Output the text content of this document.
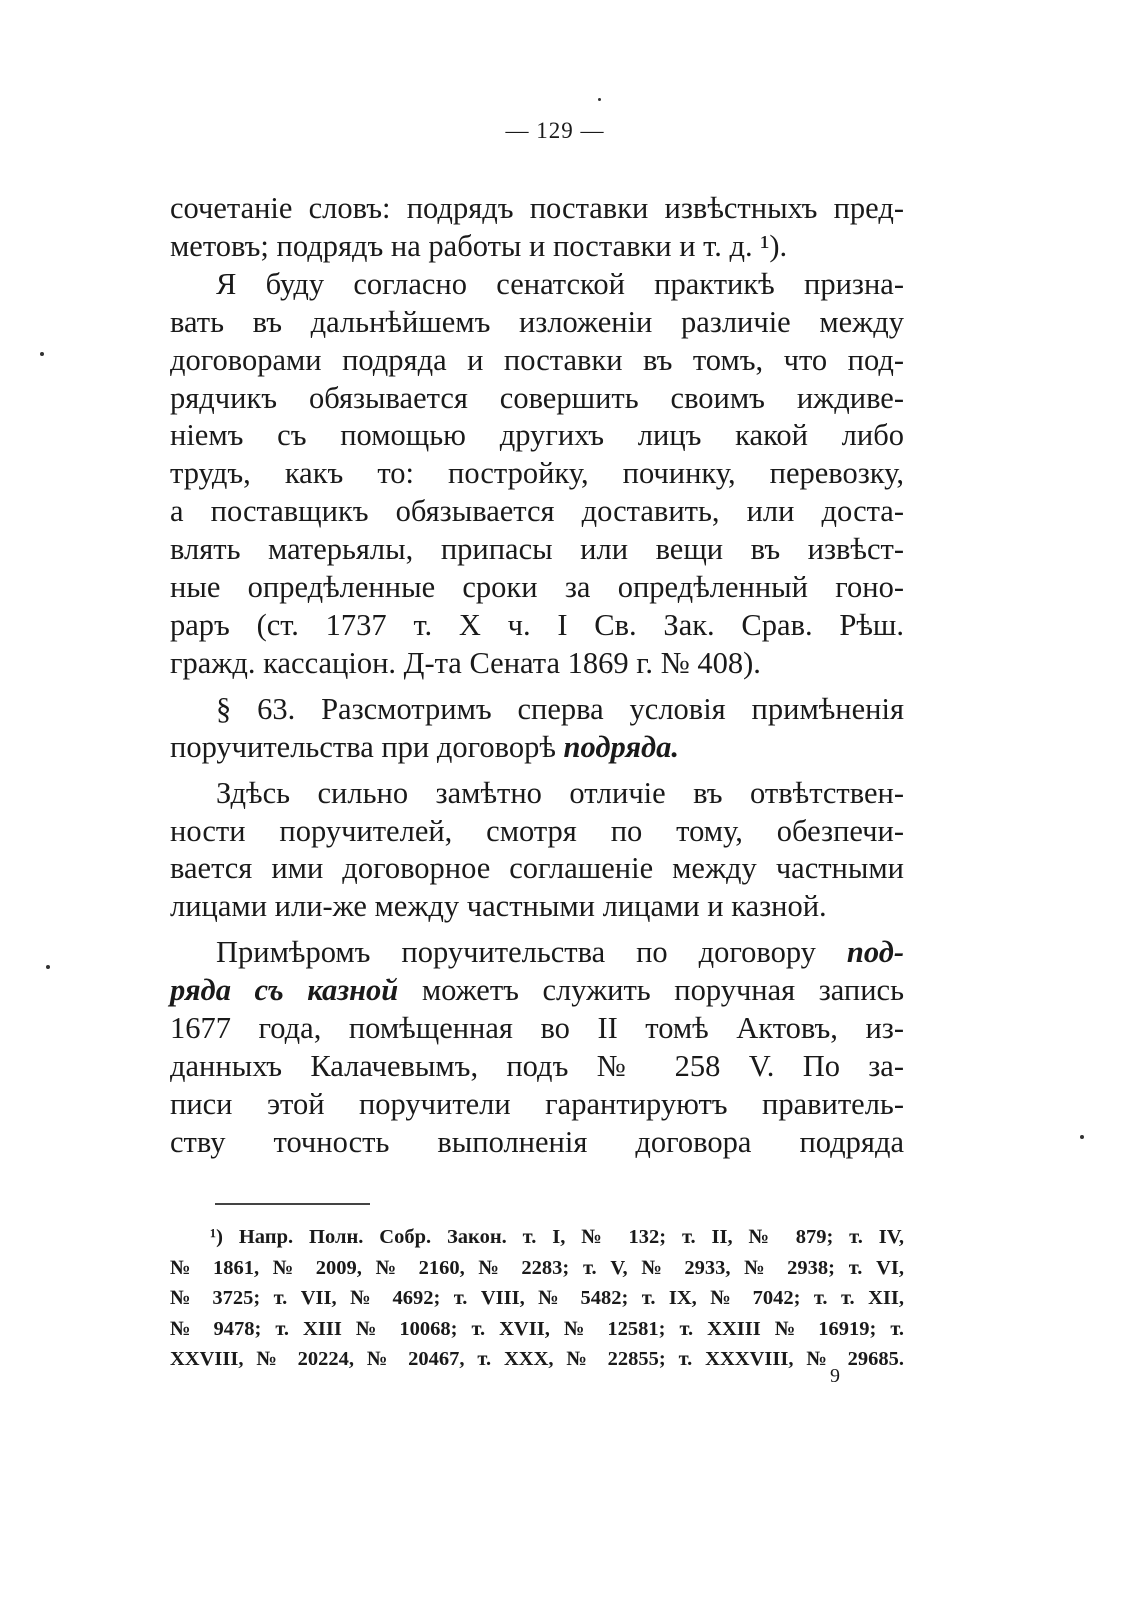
— 129 —

сочетаніе словъ: подрядъ поставки извѣстныхъ пред-
метовъ; подрядъ на работы и поставки и т. д. ¹).

Я буду согласно сенатской практикѣ призна-
вать въ дальнѣйшемъ изложеніи различіе между
договорами подряда и поставки въ томъ, что под-
рядчикъ обязывается совершить своимъ иждиве-
ніемъ съ помощью другихъ лицъ какой либо
трудъ, какъ то: постройку, починку, перевозку,
а поставщикъ обязывается доставить, или доста-
влять матерьялы, припасы или вещи въ извѣст-
ные опредѣленные сроки за опредѣленный гоно-
раръ (ст. 1737 т. X ч. I Св. Зак. Срав. Рѣш.
гражд. кассаціон. Д-та Сената 1869 г. № 408).

§ 63. Разсмотримъ сперва условія примѣненія
поручительства при договорѣ подряда.

Здѣсь сильно замѣтно отличіе въ отвѣтствен-
ности поручителей, смотря по тому, обезпечи-
вается ими договорное соглашеніе между частными
лицами или-же между частными лицами и казной.

Примѣромъ поручительства по договору под-
ряда съ казной можетъ служить поручная запись
1677 года, помѣщенная во II томѣ Актовъ, из-
данныхъ Калачевымъ, подъ № 258 V. По за-
писи этой поручители гарантируютъ правитель-
ству точность выполненія договора подряда

¹) Напр. Полн. Собр. Закон. т. I, № 132; т. II, № 879; т. IV,
№ 1861, № 2009, № 2160, № 2283; т. V, № 2933, № 2938; т. VI,
№ 3725; т. VII, № 4692; т. VIII, № 5482; т. IX, № 7042; т. т. XII,
№ 9478; т. XIII № 10068; т. XVII, № 12581; т. XXIII № 16919; т.
XXVIII, № 20224, № 20467, т. XXX, № 22855; т. XXXVIII, № 29685.
9
